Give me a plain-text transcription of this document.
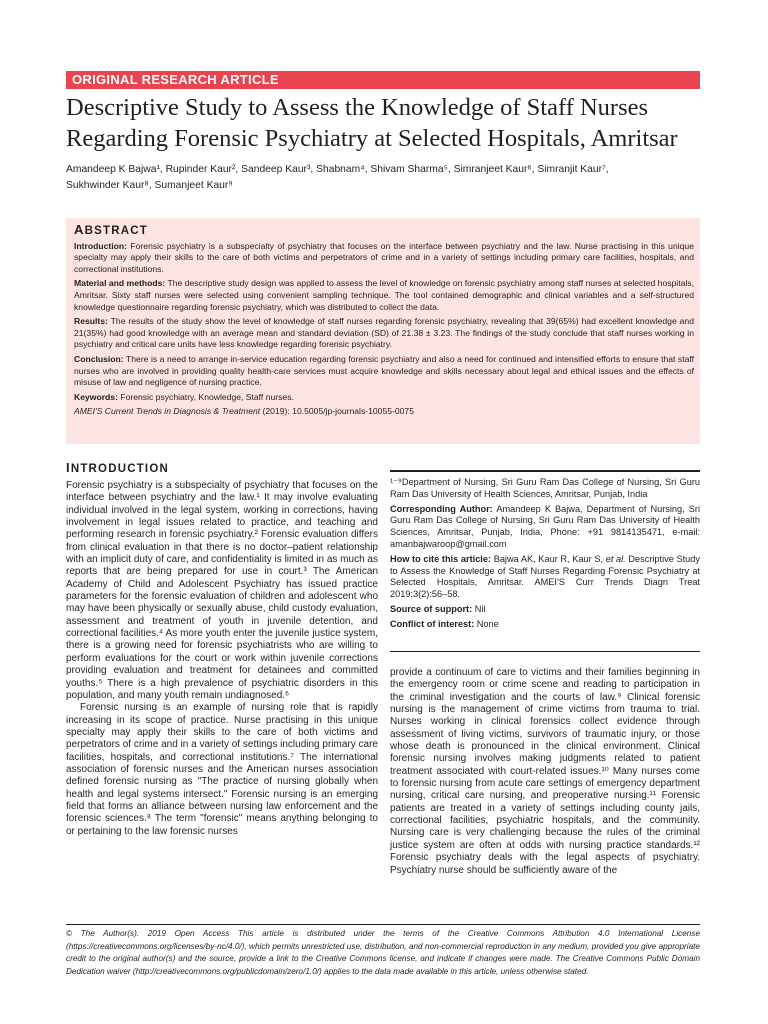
ORIGINAL RESEARCH ARTICLE
Descriptive Study to Assess the Knowledge of Staff Nurses Regarding Forensic Psychiatry at Selected Hospitals, Amritsar
Amandeep K Bajwa¹, Rupinder Kaur², Sandeep Kaur³, Shabnam⁴, Shivam Sharma⁵, Simranjeet Kaur⁶, Simranjit Kaur⁷,
Sukhwinder Kaur⁸, Sumanjeet Kaur⁹
ABSTRACT

Introduction: Forensic psychiatry is a subspecialty of psychiatry that focuses on the interface between psychiatry and the law. Nurse practising in this unique specialty may apply their skills to the care of both victims and perpetrators of crime and in a variety of settings including primary care facilities, hospitals, and correctional institutions.

Material and methods: The descriptive study design was applied to assess the level of knowledge on forensic psychiatry among staff nurses at selected hospitals, Amritsar. Sixty staff nurses were selected using convenient sampling technique. The tool contained demographic and clinical variables and a self-structured knowledge questionnaire regarding forensic psychiatry, which was distributed to collect the data.

Results: The results of the study show the level of knowledge of staff nurses regarding forensic psychiatry, revealing that 39(65%) had excellent knowledge and 21(35%) had good knowledge with an average mean and standard deviation (SD) of 21.38 ± 3.23. The findings of the study conclude that staff nurses working in psychiatry and critical care units have less knowledge regarding forensic psychiatry.

Conclusion: There is a need to arrange in-service education regarding forensic psychiatry and also a need for continued and intensified efforts to ensure that staff nurses who are involved in providing quality health-care services must acquire knowledge and skills necessary about legal and ethical issues and the effects of misuse of law and negligence of nursing practice.

Keywords: Forensic psychiatry, Knowledge, Staff nurses.

AMEI'S Current Trends in Diagnosis & Treatment (2019): 10.5005/jp-journals-10055-0075

INTRODUCTION

Forensic psychiatry is a subspecialty of psychiatry that focuses on the interface between psychiatry and the law.¹ It may involve evaluating individual involved in the legal system, working in corrections, having involvement in legal issues related to practice, and teaching and performing research in forensic psychiatry.² Forensic evaluation differs from clinical evaluation in that there is no doctor–patient relationship with an implicit duty of care, and confidentiality is limited in as much as reports that are being prepared for use in court.³ The American Academy of Child and Adolescent Psychiatry has issued practice parameters for the forensic evaluation of children and adolescent who may have been physically or sexually abuse, child custody evaluation, assessment and treatment of youth in juvenile detention, and correctional facilities.⁴ As more youth enter the juvenile justice system, there is a growing need for forensic psychiatrists who are willing to perform evaluations for the court or work within juvenile corrections providing evaluation and treatment for detainees and committed youths.⁵ There is a high prevalence of psychiatric disorders in this population, and many youth remain undiagnosed.⁶

Forensic nursing is an example of nursing role that is rapidly increasing in its scope of practice. Nurse practising in this unique specialty may apply their skills to the care of both victims and perpetrators of crime and in a variety of settings including primary care facilities, hospitals, and correctional institutions.⁷ The international association of forensic nurses and the American nurses association defined forensic nursing as "The practice of nursing globally when health and legal systems intersect." Forensic nursing is an emerging field that forms an alliance between nursing law enforcement and the forensic sciences.⁸ The term "forensic" means anything belonging to or pertaining to the law forensic nurses

¹⁻⁹Department of Nursing, Sri Guru Ram Das College of Nursing, Sri Guru Ram Das University of Health Sciences, Amritsar, Punjab, India

Corresponding Author: Amandeep K Bajwa, Department of Nursing, Sri Guru Ram Das College of Nursing, Sri Guru Ram Das University of Health Sciences, Amritsar, Punjab, India, Phone: +91 9814135471, e-mail: amanbajwaroop@gmail.com

How to cite this article: Bajwa AK, Kaur R, Kaur S, et al. Descriptive Study to Assess the Knowledge of Staff Nurses Regarding Forensic Psychiatry at Selected Hospitals, Amritsar. AMEI'S Curr Trends Diagn Treat 2019;3(2):56–58.

Source of support: Nil

Conflict of interest: None

provide a continuum of care to victims and their families beginning in the emergency room or crime scene and reading to participation in the criminal investigation and the courts of law.⁹ Clinical forensic nursing is the management of crime victims from trauma to trial. Nurses working in clinical forensics collect evidence through assessment of living victims, survivors of traumatic injury, or those whose death is pronounced in the clinical environment. Clinical forensic nursing involves making judgments related to patient treatment associated with court-related issues.¹⁰ Many nurses come to forensic nursing from acute care settings of emergency department nursing, critical care nursing, and preoperative nursing.¹¹ Forensic patients are treated in a variety of settings including county jails, correctional facilities, psychiatric hospitals, and the community. Nursing care is very challenging because the rules of the criminal justice system are often at odds with nursing practice standards.¹² Forensic psychiatry deals with the legal aspects of psychiatry. Psychiatry nurse should be sufficiently aware of the

© The Author(s). 2019 Open Access This article is distributed under the terms of the Creative Commons Attribution 4.0 International License (https://creativecommons.org/licenses/by-nc/4.0/), which permits unrestricted use, distribution, and non-commercial reproduction in any medium, provided you give appropriate credit to the original author(s) and the source, provide a link to the Creative Commons license, and indicate if changes were made. The Creative Commons Public Domain Dedication waiver (http://creativecommons.org/publicdomain/zero/1.0/) applies to the data made available in this article, unless otherwise stated.
